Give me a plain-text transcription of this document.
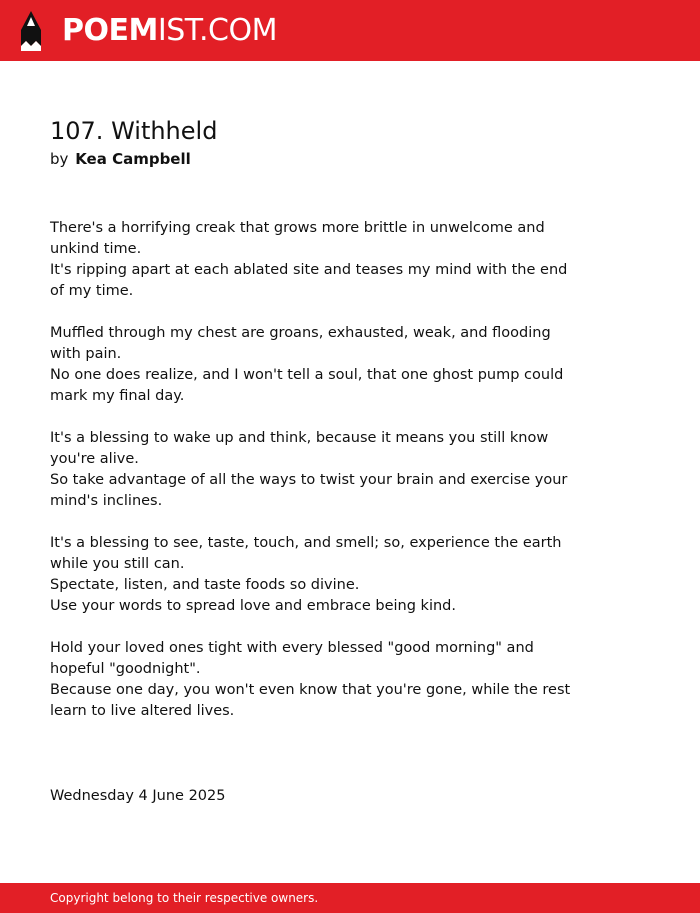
POEMIST.COM
107. Withheld
by Kea Campbell
There's a horrifying creak that grows more brittle in unwelcome and unkind time.
It's ripping apart at each ablated site and teases my mind with the end of my time.
Muffled through my chest are groans, exhausted, weak, and flooding with pain.
No one does realize, and I won't tell a soul, that one ghost pump could mark my final day.
It's a blessing to wake up and think, because it means you still know you're alive.
So take advantage of all the ways to twist your brain and exercise your mind's inclines.
It's a blessing to see, taste, touch, and smell; so, experience the earth while you still can.
Spectate, listen, and taste foods so divine.
Use your words to spread love and embrace being kind.
Hold your loved ones tight with every blessed "good morning" and hopeful "goodnight".
Because one day, you won't even know that you're gone, while the rest learn to live altered lives.
Wednesday 4 June 2025
Copyright belong to their respective owners.
